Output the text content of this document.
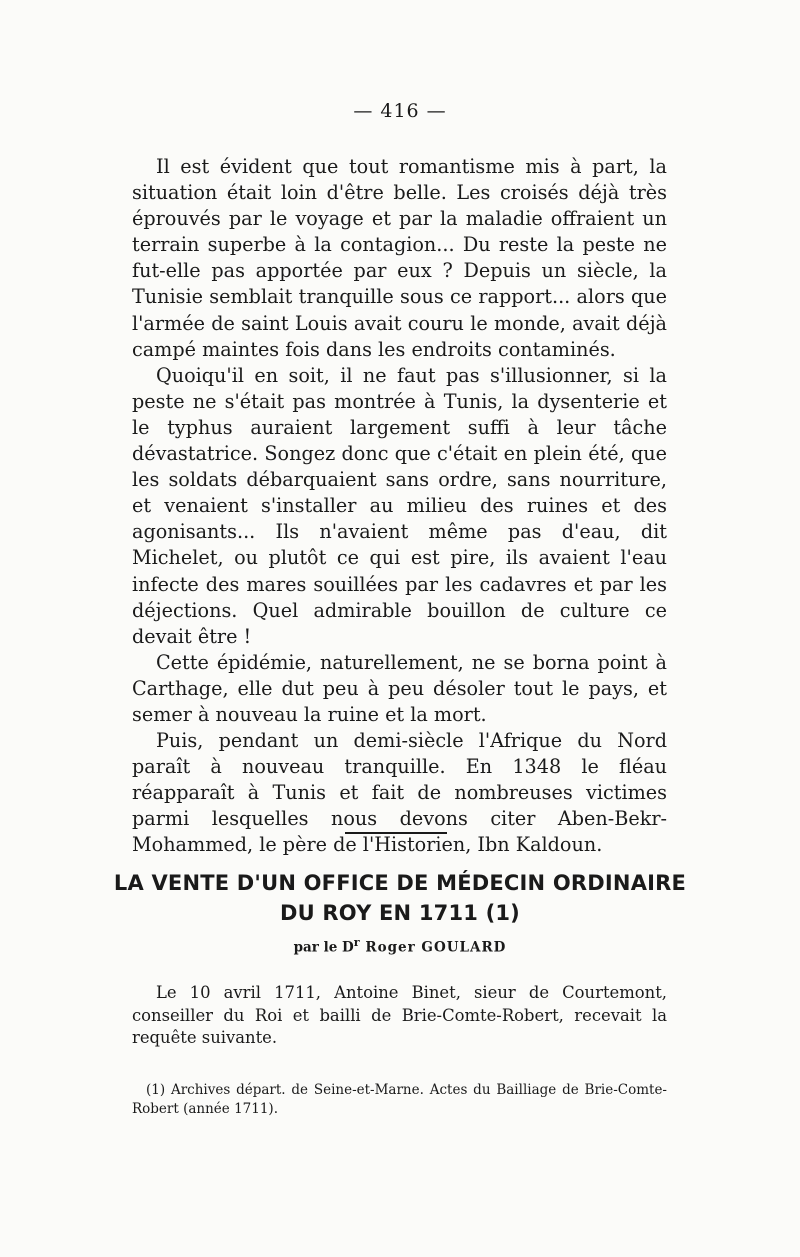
— 416 —

Il est évident que tout romantisme mis à part, la situation était loin d'être belle. Les croisés déjà très éprouvés par le voyage et par la maladie offraient un terrain superbe à la contagion... Du reste la peste ne fut-elle pas apportée par eux ? Depuis un siècle, la Tunisie semblait tranquille sous ce rapport... alors que l'armée de saint Louis avait couru le monde, avait déjà campé maintes fois dans les endroits contaminés.

Quoiqu'il en soit, il ne faut pas s'illusionner, si la peste ne s'était pas montrée à Tunis, la dysenterie et le typhus auraient largement suffi à leur tâche dévastatrice. Songez donc que c'était en plein été, que les soldats débarquaient sans ordre, sans nourriture, et venaient s'installer au milieu des ruines et des agonisants... Ils n'avaient même pas d'eau, dit Michelet, ou plutôt ce qui est pire, ils avaient l'eau infecte des mares souillées par les cadavres et par les déjections. Quel admirable bouillon de culture ce devait être !

Cette épidémie, naturellement, ne se borna point à Carthage, elle dut peu à peu désoler tout le pays, et semer à nouveau la ruine et la mort.

Puis, pendant un demi-siècle l'Afrique du Nord paraît à nouveau tranquille. En 1348 le fléau réapparaît à Tunis et fait de nombreuses victimes parmi lesquelles nous devons citer Aben-Bekr-Mohammed, le père de l'Historien, Ibn Kaldoun.

LA VENTE D'UN OFFICE DE MÉDECIN ORDINAIRE
DU ROY EN 1711 (1)
par le $D^r$ Roger GOULARD

Le 10 avril 1711, Antoine Binet, sieur de Courtemont, conseiller du Roi et bailli de Brie-Comte-Robert, recevait la requête suivante.

(1) Archives départ. de Seine-et-Marne. Actes du Bailliage de Brie-Comte-Robert (année 1711).
